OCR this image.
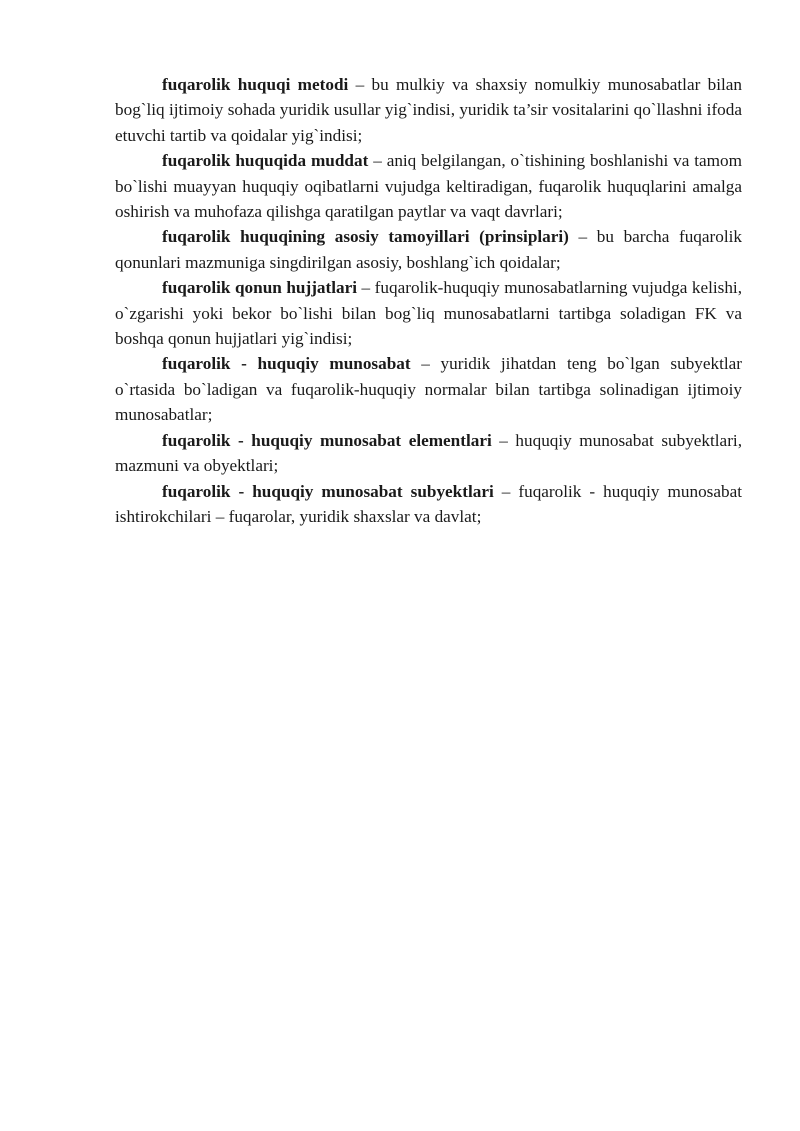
fuqarolik huquqi metodi – bu mulkiy va shaxsiy nomulkiy munosabatlar bilan bog`liq ijtimoiy sohada yuridik usullar yig`indisi, yuridik ta’sir vositalarini qo`llashni ifoda etuvchi tartib va qoidalar yig`indisi;

fuqarolik huquqida muddat – aniq belgilangan, o`tishining boshlanishi va tamom bo`lishi muayyan huquqiy oqibatlarni vujudga keltiradigan, fuqarolik huquqlarini amalga oshirish va muhofaza qilishga qaratilgan paytlar va vaqt davrlari;

fuqarolik huquqining asosiy tamoyillari (prinsiplari) – bu barcha fuqarolik qonunlari mazmuniga singdirilgan asosiy, boshlang`ich qoidalar;

fuqarolik qonun hujjatlari – fuqarolik-huquqiy munosabatlarning vujudga kelishi, o`zgarishi yoki bekor bo`lishi bilan bog`liq munosabatlarni tartibga soladigan FK va boshqa qonun hujjatlari yig`indisi;

fuqarolik - huquqiy munosabat – yuridik jihatdan teng bo`lgan subyektlar o`rtasida bo`ladigan va fuqarolik-huquqiy normalar bilan tartibga solinadigan ijtimoiy munosabatlar;

fuqarolik - huquqiy munosabat elementlari – huquqiy munosabat subyektlari, mazmuni va obyektlari;

fuqarolik - huquqiy munosabat subyektlari – fuqarolik - huquqiy munosabat ishtirokchilari – fuqarolar, yuridik shaxslar va davlat;
